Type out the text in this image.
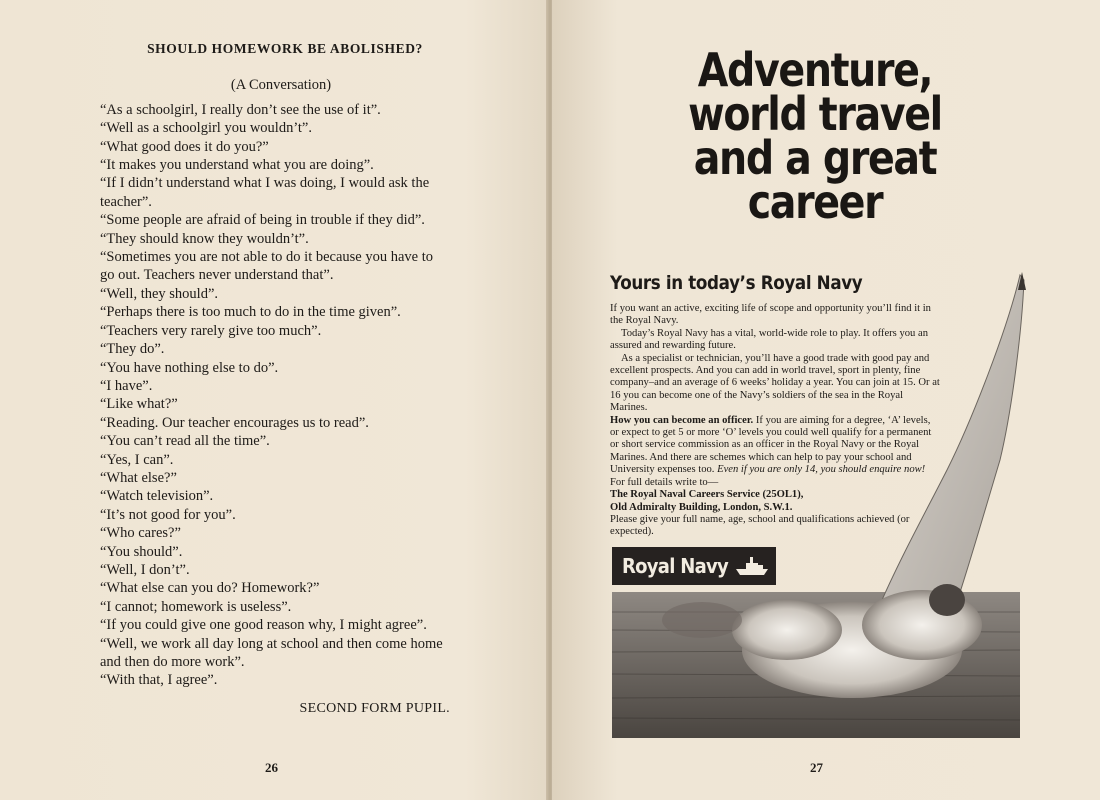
SHOULD HOMEWORK BE ABOLISHED?
(A Conversation)

“As a schoolgirl, I really don’t see the use of it”.

“Well as a schoolgirl you wouldn’t”.

“What good does it do you?”

“It makes you understand what you are doing”.

“If I didn’t understand what I was doing, I would ask the teacher”.

“Some people are afraid of being in trouble if they did”.

“They should know they wouldn’t”.

“Sometimes you are not able to do it because you have to go out. Teachers never understand that”.

“Well, they should”.

“Perhaps there is too much to do in the time given”.

“Teachers very rarely give too much”.

“They do”.

“You have nothing else to do”.

“I have”.

“Like what?”

“Reading. Our teacher encourages us to read”.

“You can’t read all the time”.

“Yes, I can”.

“What else?”

“Watch television”.

“It’s not good for you”.

“Who cares?”

“You should”.

“Well, I don’t”.

“What else can you do? Homework?”

“I cannot; homework is useless”.

“If you could give one good reason why, I might agree”.

“Well, we work all day long at school and then come home and then do more work”.

“With that, I agree”.

SECOND FORM PUPIL.
26
Adventure, world travel and a great career
Yours in today’s Royal Navy

If you want an active, exciting life of scope and opportunity you’ll find it in the Royal Navy.

Today’s Royal Navy has a vital, world-wide role to play. It offers you an assured and rewarding future.

As a specialist or technician, you’ll have a good trade with good pay and excellent prospects. And you can add in world travel, sport in plenty, fine company–and an average of 6 weeks’ holiday a year. You can join at 15. Or at 16 you can become one of the Navy’s soldiers of the sea in the Royal Marines.

How you can become an officer. If you are aiming for a degree, ‘A’ levels, or expect to get 5 or more ‘O’ levels you could well qualify for a permanent or short service commission as an officer in the Royal Navy or the Royal Marines. And there are schemes which can help to pay your school and University expenses too. Even if you are only 14, you should enquire now!

For full details write to—

The Royal Naval Careers Service (25OL1),

Old Admiralty Building, London, S.W.1.

Please give your full name, age, school and qualifications achieved (or expected).

Royal Navy
27
